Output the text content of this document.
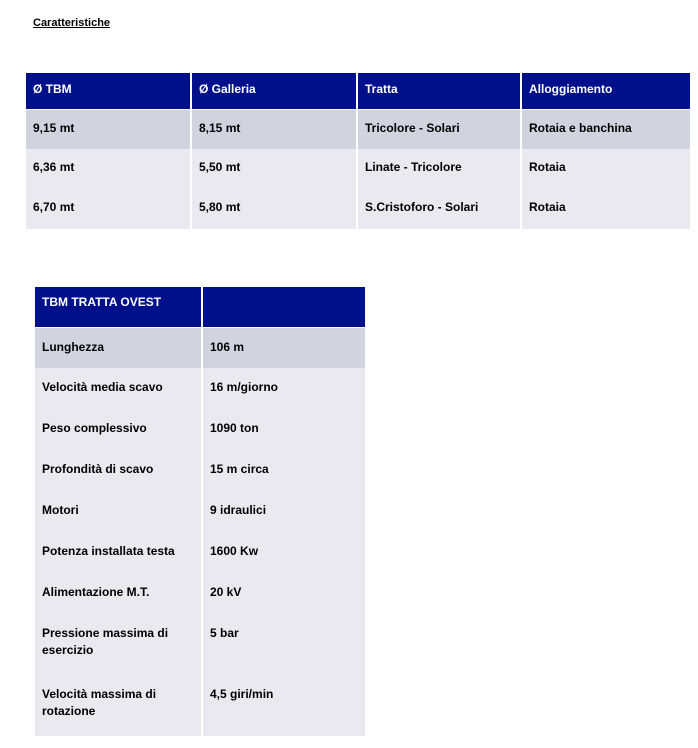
Caratteristiche
Ø TBM	Ø Galleria	Tratta	Alloggiamento
9,15 mt	8,15 mt	Tricolore - Solari	Rotaia e banchina
6,36 mt	5,50 mt	Linate - Tricolore	Rotaia
6,70 mt	5,80 mt	S.Cristoforo - Solari	Rotaia
TBM TRATTA OVEST	
Lunghezza	106 m
Velocità media scavo	16 m/giorno
Peso complessivo	1090 ton
Profondità di scavo	15 m circa
Motori	9 idraulici
Potenza installata testa	1600 Kw
Alimentazione M.T.	20 kV
Pressione massima di esercizio	5 bar
Velocità massima di rotazione	4,5 giri/min
